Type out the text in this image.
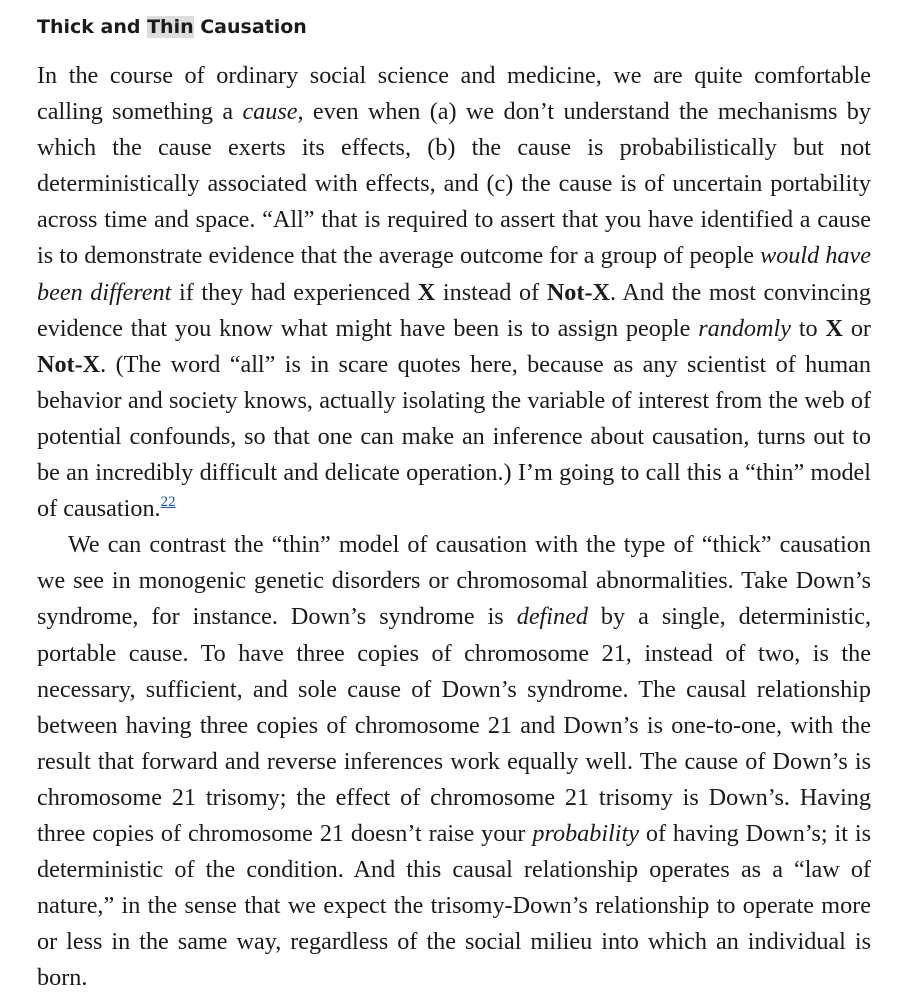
Thick and Thin Causation

In the course of ordinary social science and medicine, we are quite comfortable calling something a cause, even when (a) we don’t understand the mechanisms by which the cause exerts its effects, (b) the cause is probabilistically but not deterministically associated with effects, and (c) the cause is of uncertain portability across time and space. “All” that is required to assert that you have identified a cause is to demonstrate evidence that the average outcome for a group of people would have been different if they had experienced X instead of Not-X. And the most convincing evidence that you know what might have been is to assign people randomly to X or Not-X. (The word “all” is in scare quotes here, because as any scientist of human behavior and society knows, actually isolating the variable of interest from the web of potential confounds, so that one can make an inference about causation, turns out to be an incredibly difficult and delicate operation.) I’m going to call this a “thin” model of causation.$^{22}$

We can contrast the “thin” model of causation with the type of “thick” causation we see in monogenic genetic disorders or chromosomal abnormalities. Take Down’s syndrome, for instance. Down’s syndrome is defined by a single, deterministic, portable cause. To have three copies of chromosome 21, instead of two, is the necessary, sufficient, and sole cause of Down’s syndrome. The causal relationship between having three copies of chromosome 21 and Down’s is one-to-one, with the result that forward and reverse inferences work equally well. The cause of Down’s is chromosome 21 trisomy; the effect of chromosome 21 trisomy is Down’s. Having three copies of chromosome 21 doesn’t raise your probability of having Down’s; it is deterministic of the condition. And this causal relationship operates as a “law of nature,” in the sense that we expect the trisomy-Down’s relationship to operate more or less in the same way, regardless of the social milieu into which an individual is born.
